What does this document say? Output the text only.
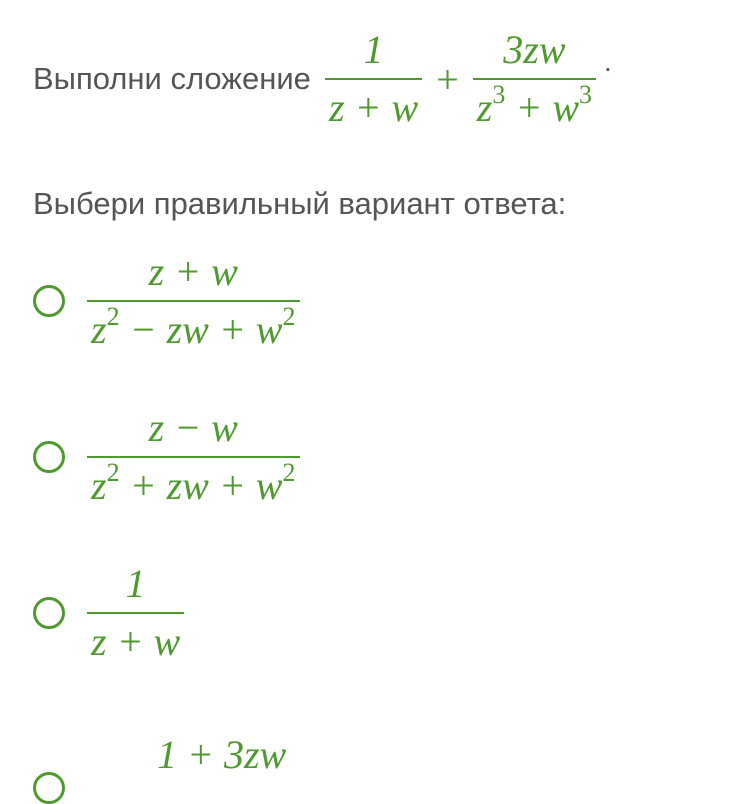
Выполни сложение $\frac{1}{z + w} + \frac{3zw}{z^3 + w^3}$ .
Выбери правильный вариант ответа:
$\frac{z + w}{z^2 - zw + w^2}$
$\frac{z - w}{z^2 + zw + w^2}$
$\frac{1}{z + w}$
1 + 3zw
